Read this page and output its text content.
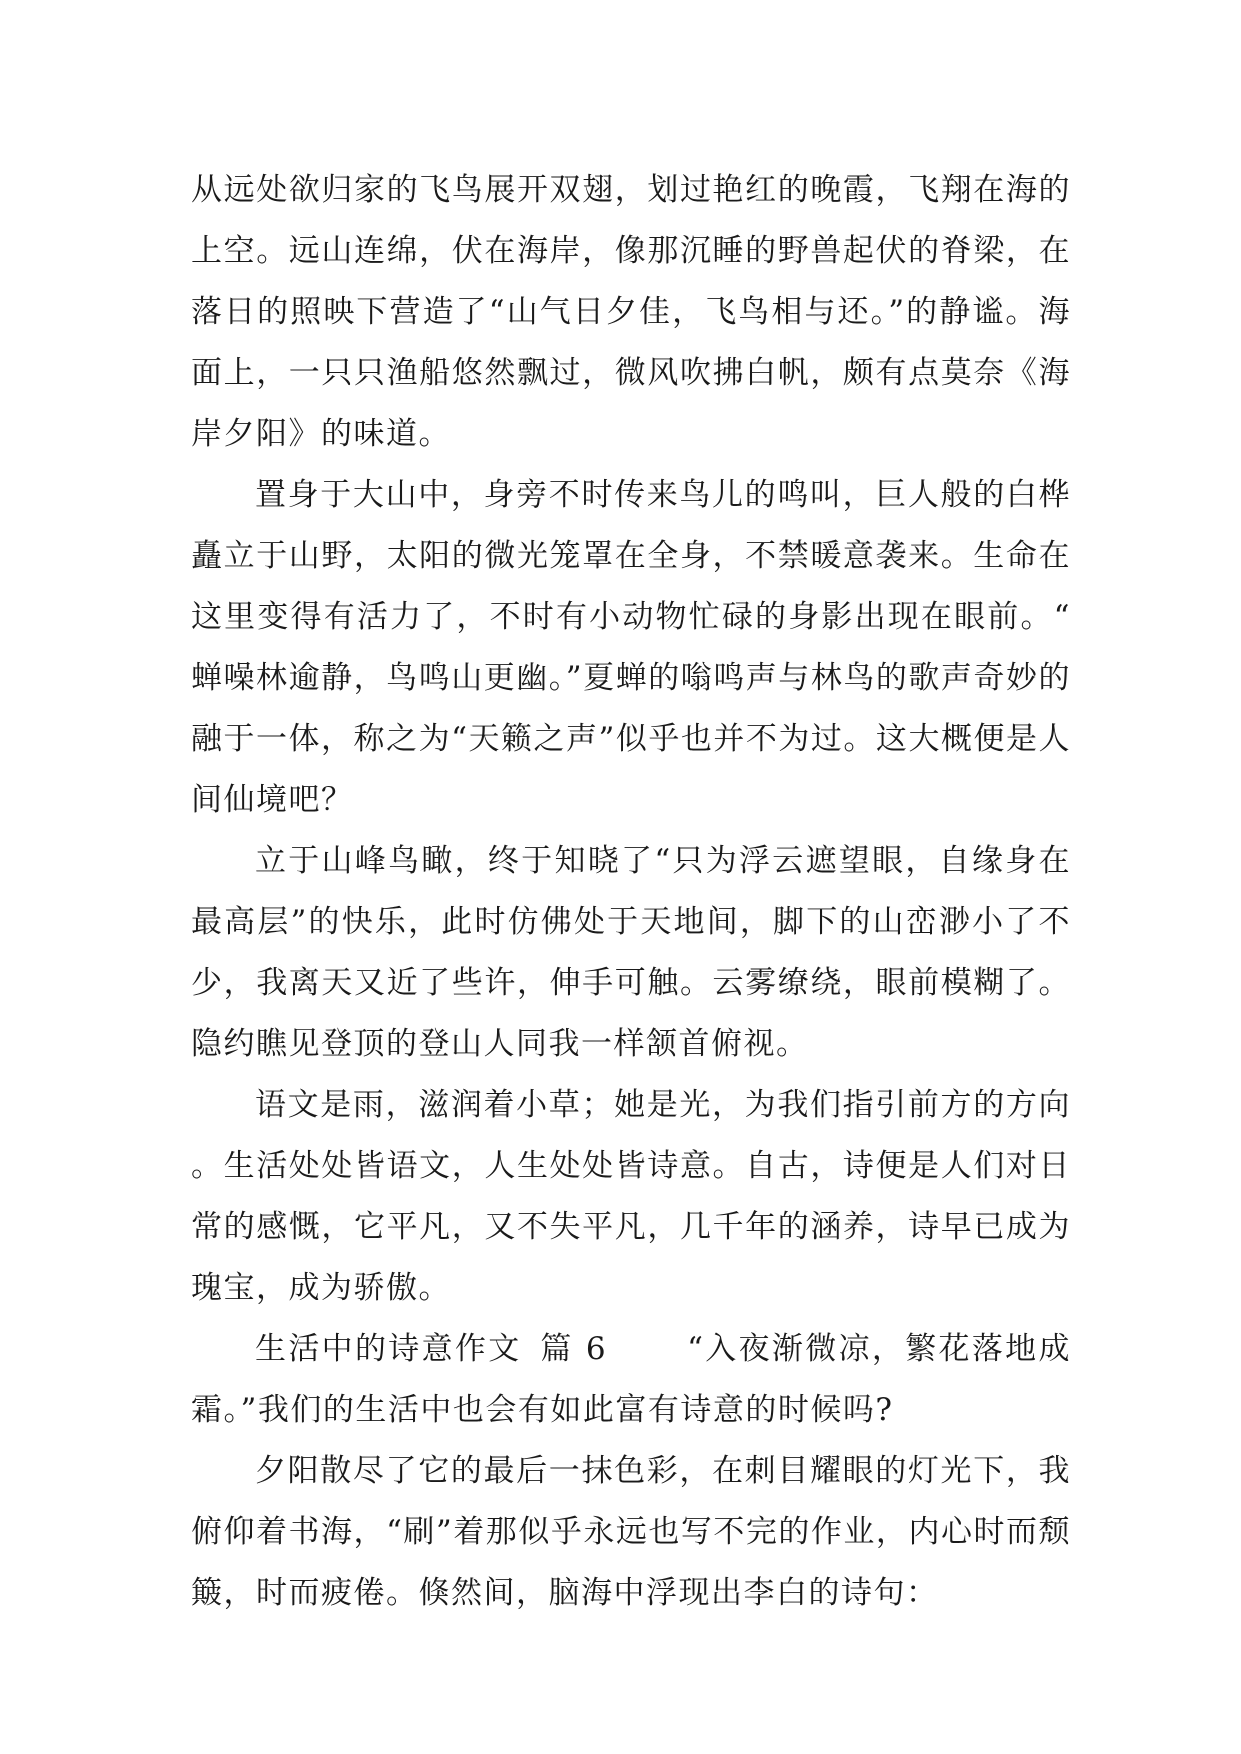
从远处欲归家的飞鸟展开双翅，划过艳红的晚霞，飞翔在海的上空。远山连绵，伏在海岸，像那沉睡的野兽起伏的脊梁，在落日的照映下营造了“山气日夕佳，飞鸟相与还。”的静谧。海面上，一只只渔船悠然飘过，微风吹拂白帆，颇有点莫奈《海岸夕阳》的味道。

置身于大山中，身旁不时传来鸟儿的鸣叫，巨人般的白桦矗立于山野，太阳的微光笼罩在全身，不禁暖意袭来。生命在这里变得有活力了，不时有小动物忙碌的身影出现在眼前。“蝉噪林逾静，鸟鸣山更幽。”夏蝉的嗡鸣声与林鸟的歌声奇妙的融于一体，称之为“天籁之声”似乎也并不为过。这大概便是人间仙境吧？

立于山峰鸟瞰，终于知晓了“只为浮云遮望眼，自缘身在最高层”的快乐，此时仿佛处于天地间，脚下的山峦渺小了不少，我离天又近了些许，伸手可触。云雾缭绕，眼前模糊了。隐约瞧见登顶的登山人同我一样颔首俯视。

语文是雨，滋润着小草；她是光，为我们指引前方的方向。生活处处皆语文，人生处处皆诗意。自古，诗便是人们对日常的感慨，它平凡，又不失平凡，几千年的涵养，诗早已成为瑰宝，成为骄傲。

生活中的诗意作文 篇 6	“入夜渐微凉，繁花落地成霜。”我们的生活中也会有如此富有诗意的时候吗?

夕阳散尽了它的最后一抹色彩，在刺目耀眼的灯光下，我俯仰着书海，“刷”着那似乎永远也写不完的作业，内心时而颓簸，时而疲倦。倏然间，脑海中浮现出李白的诗句：
